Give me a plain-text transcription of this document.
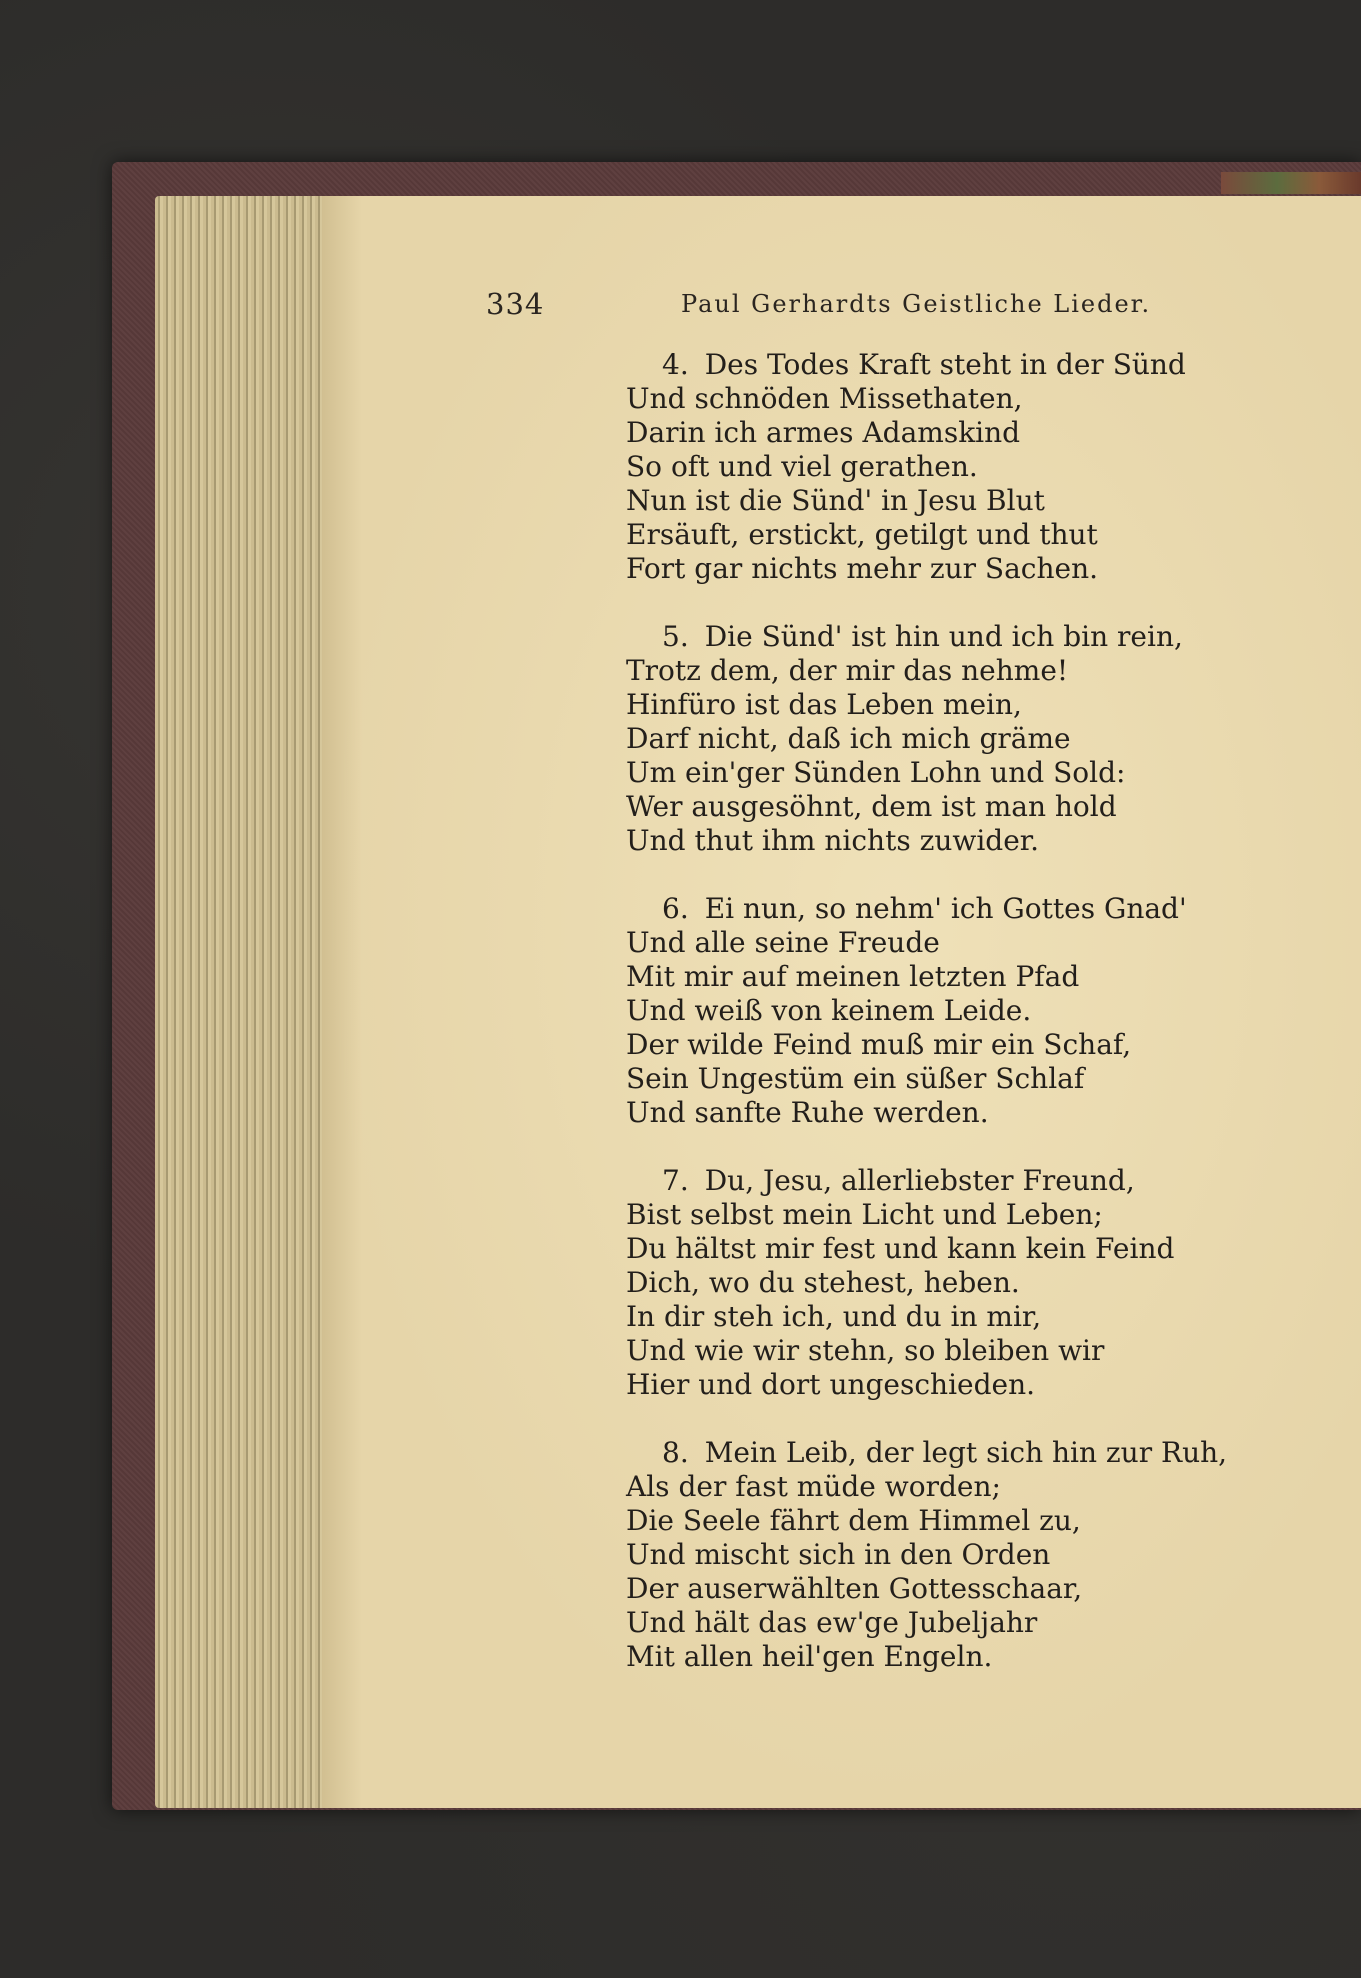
334	Paul Gerhardts Geistliche Lieder.
4. Des Todes Kraft steht in der Sünd
Und schnöden Missethaten,
Darin ich armes Adamskind
So oft und viel gerathen.
Nun ist die Sünd' in Jesu Blut
Ersäuft, erstickt, getilgt und thut
Fort gar nichts mehr zur Sachen.
5. Die Sünd' ist hin und ich bin rein,
Trotz dem, der mir das nehme!
Hinfüro ist das Leben mein,
Darf nicht, daß ich mich gräme
Um ein'ger Sünden Lohn und Sold:
Wer ausgesöhnt, dem ist man hold
Und thut ihm nichts zuwider.
6. Ei nun, so nehm' ich Gottes Gnad'
Und alle seine Freude
Mit mir auf meinen letzten Pfad
Und weiß von keinem Leide.
Der wilde Feind muß mir ein Schaf,
Sein Ungestüm ein süßer Schlaf
Und sanfte Ruhe werden.
7. Du, Jesu, allerliebster Freund,
Bist selbst mein Licht und Leben;
Du hältst mir fest und kann kein Feind
Dich, wo du stehest, heben.
In dir steh ich, und du in mir,
Und wie wir stehn, so bleiben wir
Hier und dort ungeschieden.
8. Mein Leib, der legt sich hin zur Ruh,
Als der fast müde worden;
Die Seele fährt dem Himmel zu,
Und mischt sich in den Orden
Der auserwählten Gottesschaar,
Und hält das ew'ge Jubeljahr
Mit allen heil'gen Engeln.
